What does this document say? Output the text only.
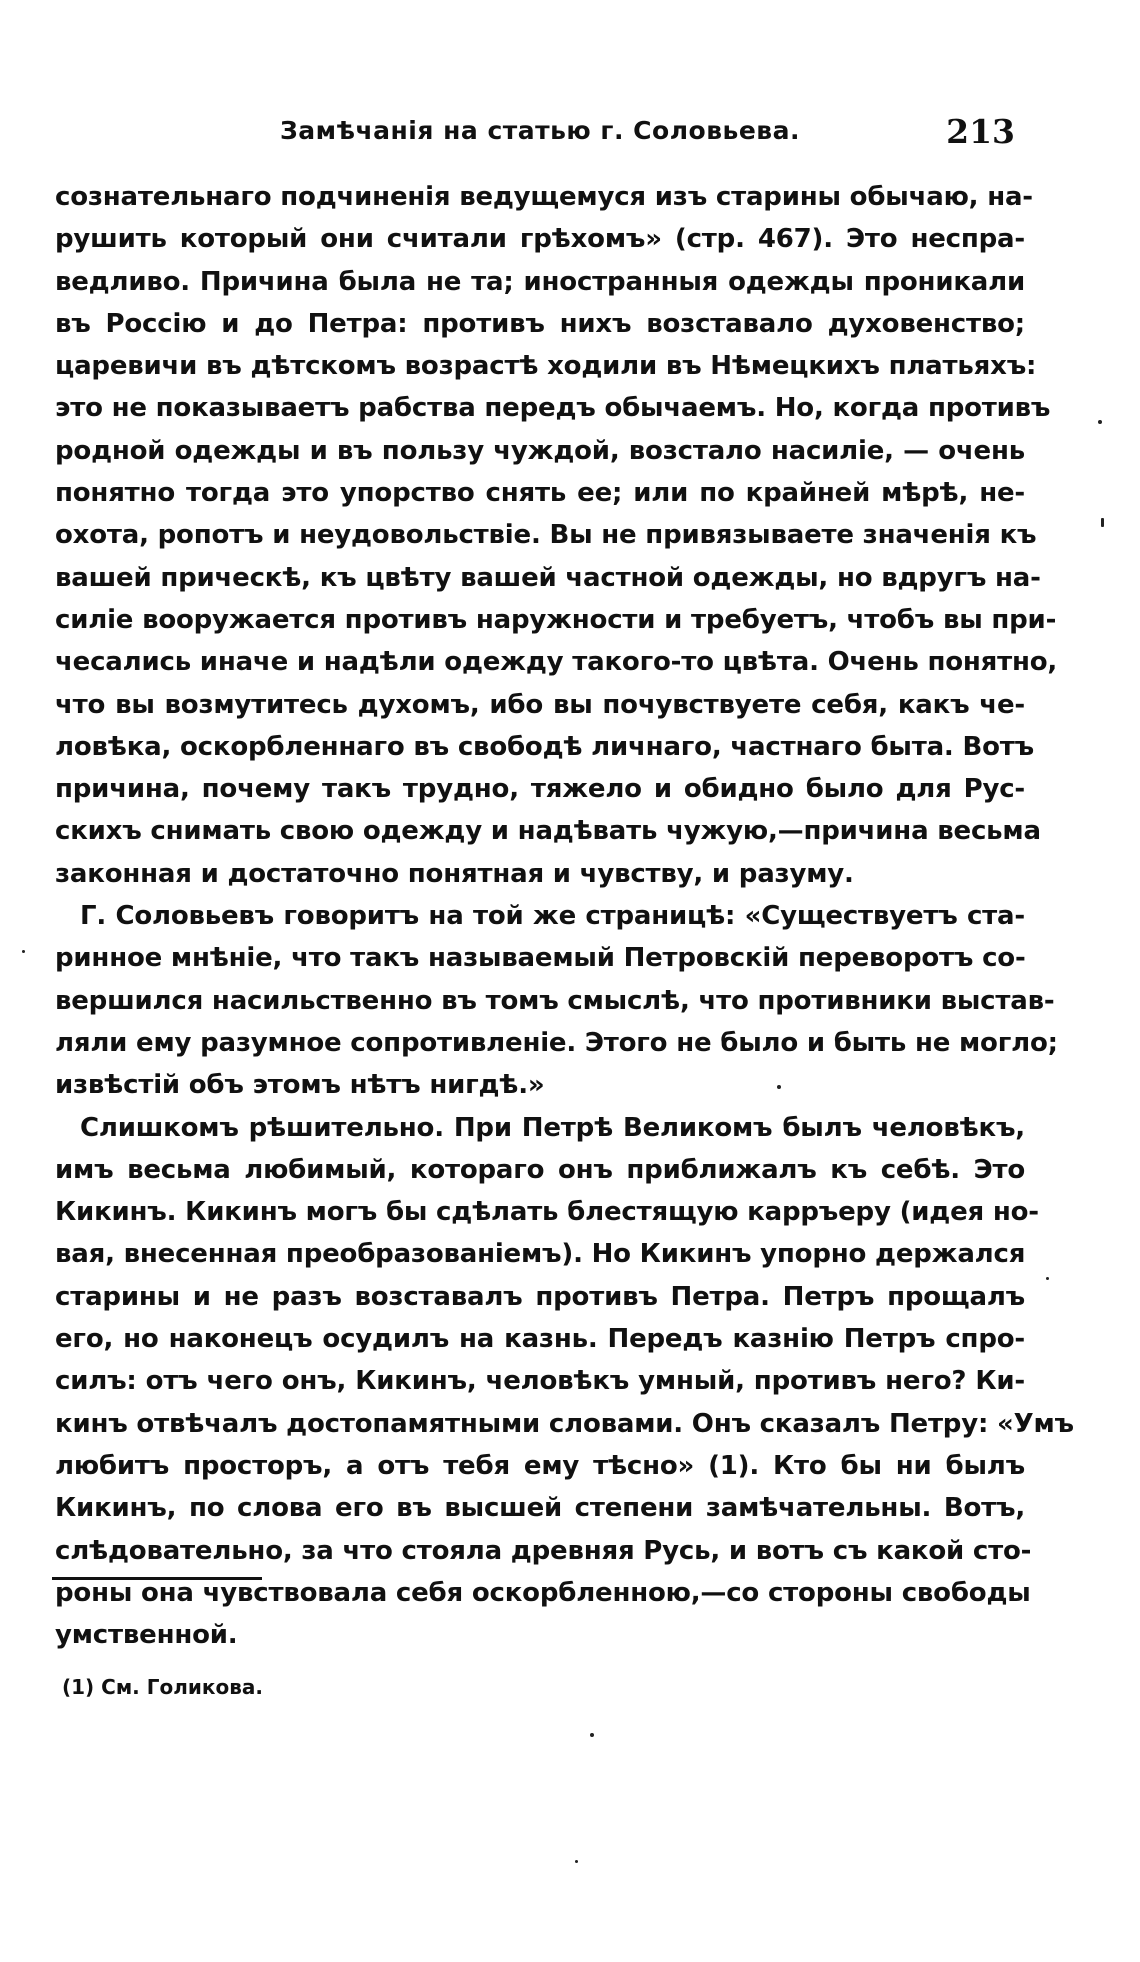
Замѣчанія на статью г. Соловьева.	213
сознательнаго подчиненія ведущемуся изъ старины обычаю, на-
рушить который они считали грѣхомъ» (стр. 467). Это неспра-
ведливо. Причина была не та; иностранныя одежды проникали
въ Россію и до Петра: противъ нихъ возставало духовенство;
царевичи въ дѣтскомъ возрастѣ ходили въ Нѣмецкихъ платьяхъ:
это не показываетъ рабства передъ обычаемъ. Но, когда противъ
родной одежды и въ пользу чуждой, возстало насиліе, — очень
понятно тогда это упорство снять ее; или по крайней мѣрѣ, не-
охота, ропотъ и неудовольствіе. Вы не привязываете значенія къ
вашей прическѣ, къ цвѣту вашей частной одежды, но вдругъ на-
силіе вооружается противъ наружности и требуетъ, чтобъ вы при-
чесались иначе и надѣли одежду такого-то цвѣта. Очень понятно,
что вы возмутитесь духомъ, ибо вы почувствуете себя, какъ че-
ловѣка, оскорбленнаго въ свободѣ личнаго, частнаго быта. Вотъ
причина, почему такъ трудно, тяжело и обидно было для Рус-
скихъ снимать свою одежду и надѣвать чужую,—причина весьма
законная и достаточно понятная и чувству, и разуму.
Г. Соловьевъ говоритъ на той же страницѣ: «Существуетъ ста-
ринное мнѣніе, что такъ называемый Петровскій переворотъ со-
вершился насильственно въ томъ смыслѣ, что противники выстав-
ляли ему разумное сопротивленіе. Этого не было и быть не могло;
извѣстій объ этомъ нѣтъ нигдѣ.»
Слишкомъ рѣшительно. При Петрѣ Великомъ былъ человѣкъ,
имъ весьма любимый, котораго онъ приближалъ къ себѣ. Это
Кикинъ. Кикинъ могъ бы сдѣлать блестящую карръеру (идея но-
вая, внесенная преобразованіемъ). Но Кикинъ упорно держался
старины и не разъ возставалъ противъ Петра. Петръ прощалъ
его, но наконецъ осудилъ на казнь. Передъ казнію Петръ спро-
силъ: отъ чего онъ, Кикинъ, человѣкъ умный, противъ него? Ки-
кинъ отвѣчалъ достопамятными словами. Онъ сказалъ Петру: «Умъ
любитъ просторъ, а отъ тебя ему тѣсно» (1). Кто бы ни былъ
Кикинъ, по слова его въ высшей степени замѣчательны. Вотъ,
слѣдовательно, за что стояла древняя Русь, и вотъ съ какой сто-
роны она чувствовала себя оскорбленною,—со стороны свободы
умственной.
(1) См. Голикова.
